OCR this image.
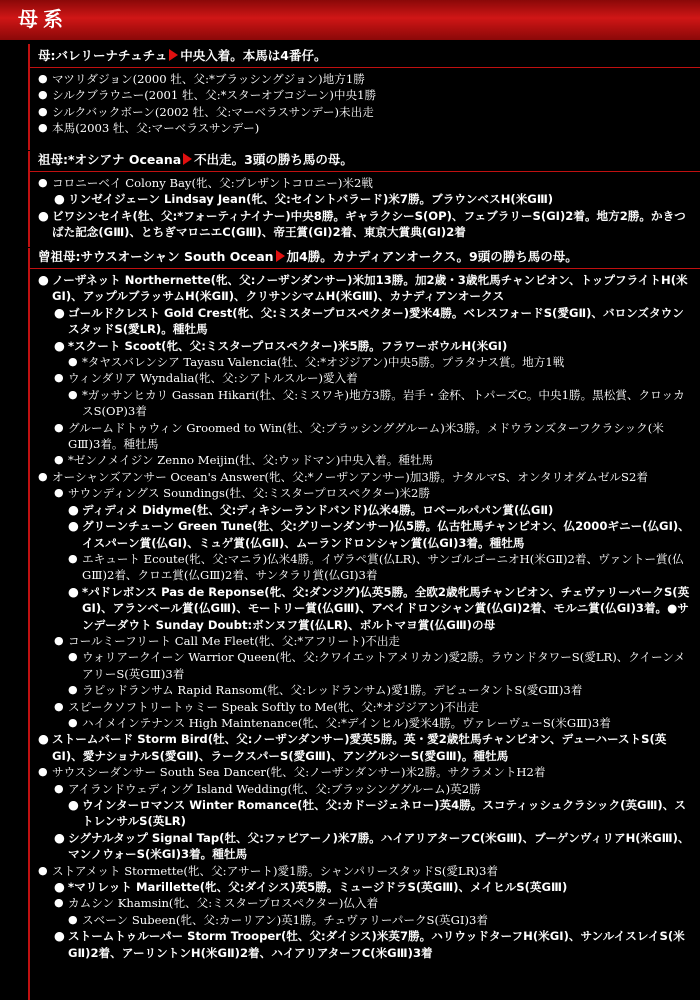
母系
母:バレリーナチュチュ 中央入着。本馬は4番仔。
● マツリダジョン(2000 牡、父:*ブラッシングジョン)地方1勝
● シルクブラウニー(2001 牡、父:*スターオブコジーン)中央1勝
● シルクバックボーン(2002 牡、父:マーベラスサンデー)未出走
● 本馬(2003 牡、父:マーベラスサンデー)
祖母:*オシアナ Oceana 不出走。3頭の勝ち馬の母。
● コロニーベイ Colony Bay(牝、父:プレザントコロニー)米2戦
● リンゼイジェーン Lindsay Jean(牝、父:セイントバラード)米7勝。ブラウンベスH(米GⅢ)
● ビワシンセイキ(牡、父:*フォーティナイナー)中央8勝。ギャラクシーS(OP)、フェブラリーS(GⅠ)2着。地方2勝。かきつばた記念(GⅢ)、とちぎマロニエC(GⅢ)、帝王賞(GⅠ)2着、東京大賞典(GⅠ)2着
曾祖母:サウスオーシャン South Ocean 加4勝。カナディアンオークス。9頭の勝ち馬の母。
● ノーザネット Northernette(牝、父:ノーザンダンサー)米加13勝。加2歳・3歳牝馬チャンピオン、トップフライトH(米GⅠ)、アップルブラッサムH(米GⅡ)、クリサンシマムH(米GⅢ)、カナディアンオークス
● ゴールドクレスト Gold Crest(牝、父:ミスタープロスペクター)愛米4勝。ベレスフォードS(愛GⅡ)、バロンズタウンスタッドS(愛LR)。種牡馬
● *スクート Scoot(牝、父:ミスタープロスペクター)米5勝。フラワーボウルH(米GⅠ)
● *タヤスバレンシア Tayasu Valencia(牡、父:*オジジアン)中央5勝。プラタナス賞。地方1戦
● ウィンダリア Wyndalia(牝、父:シアトルスルー)愛入着
● *ガッサンヒカリ Gassan Hikari(牡、父:ミスワキ)地方3勝。岩手・金杯、トパーズC。中央1勝。黒松賞、クロッカスS(OP)3着
● グルームドトゥウィン Groomed to Win(牡、父:ブラッシンググルーム)米3勝。メドウランズターフクラシック(米GⅢ)3着。種牡馬
● *ゼンノメイジン Zenno Meijin(牡、父:ウッドマン)中央入着。種牡馬
● オーシャンズアンサー Ocean's Answer(牝、父:*ノーザンアンサー)加3勝。ナタルマS、オンタリオダムゼルS2着
● サウンディングス Soundings(牡、父:ミスタープロスペクター)米2勝
● ディディメ Didyme(牡、父:ディキシーランドバンド)仏米4勝。ロベールパパン賞(仏GⅡ)
● グリーンチューン Green Tune(牡、父:グリーンダンサー)仏5勝。仏古牡馬チャンピオン、仏2000ギニー(仏GⅠ)、イスパーン賞(仏GⅠ)、ミュゲ賞(仏GⅡ)、ムーランドロンシャン賞(仏GⅠ)3着。種牡馬
● エキュート Ecoute(牝、父:マニラ)仏米4勝。イヴラペ賞(仏LR)、サンゴルゴーニオH(米GⅡ)2着、ヴァントー賞(仏GⅢ)2着、クロエ賞(仏GⅢ)2着、サンタラリ賞(仏GⅠ)3着
● *パドレボンス Pas de Reponse(牝、父:ダンジグ)仏英5勝。全欧2歳牝馬チャンピオン、チェヴァリーパークS(英GⅠ)、アランベール賞(仏GⅢ)、モートリー賞(仏GⅢ)、アベイドロンシャン賞(仏GⅠ)2着、モルニ賞(仏GⅠ)3着。●サンデーダウト Sunday Doubt:ボンヌフ賞(仏LR)、ボルトマヨ賞(仏GⅢ)の母
● コールミーフリート Call Me Fleet(牝、父:*アフリート)不出走
● ウォリアークイーン Warrior Queen(牝、父:クワイエットアメリカン)愛2勝。ラウンドタワーS(愛LR)、クイーンメアリーS(英GⅢ)3着
● ラピッドランサム Rapid Ransom(牝、父:レッドランサム)愛1勝。デビュータントS(愛GⅢ)3着
● スピークソフトリートゥミー Speak Softly to Me(牝、父:*オジジアン)不出走
● ハイメインテナンス High Maintenance(牝、父:*デインヒル)愛米4勝。ヴァレーヴューS(米GⅢ)3着
● ストームバード Storm Bird(牡、父:ノーザンダンサー)愛英5勝。英・愛2歳牡馬チャンピオン、デューハーストS(英GⅠ)、愛ナショナルS(愛GⅡ)、ラークスパーS(愛GⅢ)、アングルシーS(愛GⅢ)。種牡馬
● サウスシーダンサー South Sea Dancer(牝、父:ノーザンダンサー)米2勝。サクラメントH2着
● アイランドウェディング Island Wedding(牝、父:ブラッシンググルーム)英2勝
● ウインターロマンス Winter Romance(牡、父:カドージェネロー)英4勝。スコティッシュクラシック(英GⅢ)、ストレンサルS(英LR)
● シグナルタップ Signal Tap(牡、父:ファピアーノ)米7勝。ハイアリアターフC(米GⅢ)、ブーゲンヴィリアH(米GⅢ)、マンノウォーS(米GⅠ)3着。種牡馬
● ストアメット Stormette(牝、父:アサート)愛1勝。シャンパリースタッドS(愛LR)3着
● *マリレット Marillette(牝、父:ダイシス)英5勝。ミュージドラS(英GⅢ)、メイヒルS(英GⅢ)
● カムシン Khamsin(牝、父:ミスタープロスペクター)仏入着
● スベーン Subeen(牝、父:カーリアン)英1勝。チェヴァリーパークS(英GⅠ)3着
● ストームトゥルーパー Storm Trooper(牡、父:ダイシス)米英7勝。ハリウッドターフH(米GⅠ)、サンルイスレイS(米GⅡ)2着、アーリントンH(米GⅡ)2着、ハイアリアターフC(米GⅢ)3着
